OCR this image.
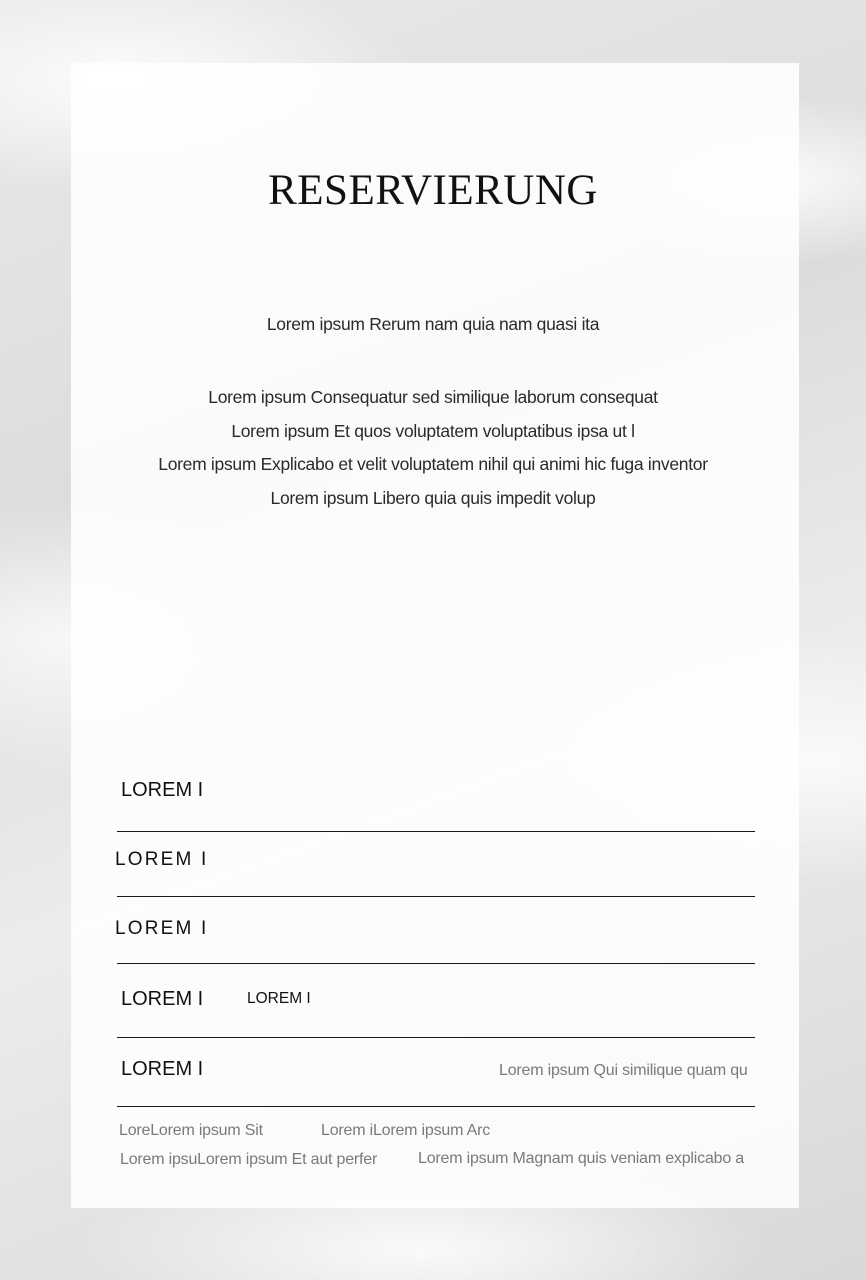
RESERVIERUNG
Lorem ipsum Rerum nam quia nam quasi ita
Lorem ipsum Consequatur sed similique laborum consequat
Lorem ipsum Et quos voluptatem voluptatibus ipsa ut l
Lorem ipsum Explicabo et velit voluptatem nihil qui animi hic fuga inventor
Lorem ipsum Libero quia quis impedit volup
LOREM I
LOREM I
LOREM I
LOREM I	LOREM I
LOREM I	Lorem ipsum Qui similique quam qu
LoreLorem ipsum Sit	Lorem iLorem ipsum Arc
Lorem ipsuLorem ipsum Et aut perfer	Lorem ipsum Magnam quis veniam explicabo a
